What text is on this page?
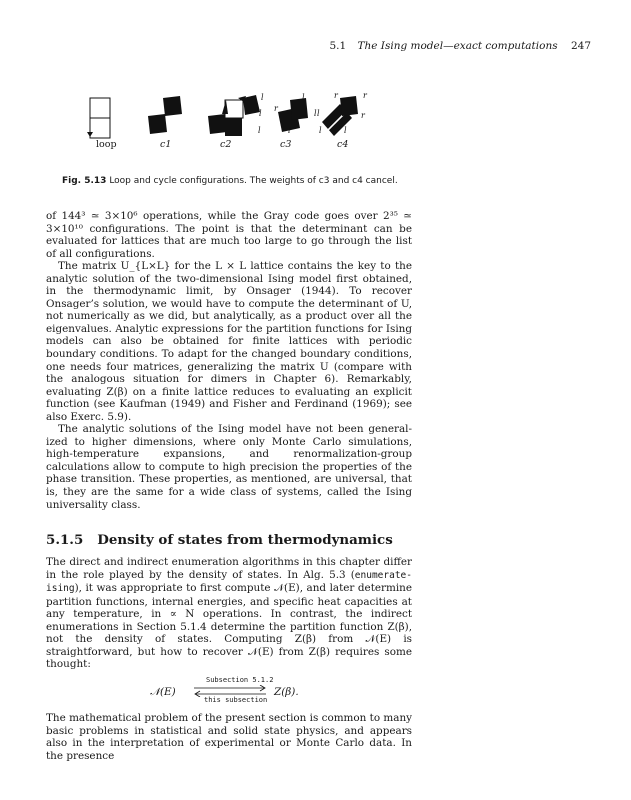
5.1 The Ising model—exact computations 247
l	l
r
l	l
l	l
r	r
r
l
l	l
loop	c1	c2	c3	c4
Fig. 5.13 Loop and cycle configurations. The weights of c3 and c4 cancel.

of 144³ ≃ 3×10⁶ operations, while the Gray code goes over 2³⁵ ≃ 3×10¹⁰ configurations. The point is that the determinant can be evaluated for lattices that are much too large to go through the list of all configurations.

The matrix U_{L×L} for the L × L lattice contains the key to the analytic solution of the two-dimensional Ising model first obtained, in the thermodynamic limit, by Onsager (1944). To recover Onsager’s solution, we would have to compute the determinant of U, not numerically as we did, but analytically, as a product over all the eigenvalues. Analytic expressions for the partition functions for Ising models can also be obtained for finite lattices with periodic boundary conditions. To adapt for the changed boundary conditions, one needs four matrices, generalizing the matrix U (compare with the analogous situation for dimers in Chapter 6). Remarkably, evaluating Z(β) on a finite lattice reduces to evaluating an explicit function (see Kaufman (1949) and Fisher and Ferdinand (1969); see also Exerc. 5.9).

The analytic solutions of the Ising model have not been generalized to higher dimensions, where only Monte Carlo simulations, high-temperature expansions, and renormalization-group calculations allow to compute to high precision the properties of the phase transition. These properties, as mentioned, are universal, that is, they are the same for a wide class of systems, called the Ising universality class.

5.1.5 Density of states from thermodynamics

The direct and indirect enumeration algorithms in this chapter differ in the role played by the density of states. In Alg. 5.3 (enumerate-ising), it was appropriate to first compute 𝒩(E), and later determine partition functions, internal energies, and specific heat capacities at any temperature, in ∝ N operations. In contrast, the indirect enumerations in Section 5.1.4 determine the partition function Z(β), not the density of states. Computing Z(β) from 𝒩(E) is straightforward, but how to recover 𝒩(E) from Z(β) requires some thought:

𝒩(E)
Subsection 5.1.2
this subsection
Z(β).

The mathematical problem of the present section is common to many basic problems in statistical and solid state physics, and appears also in the interpretation of experimental or Monte Carlo data. In the presence
